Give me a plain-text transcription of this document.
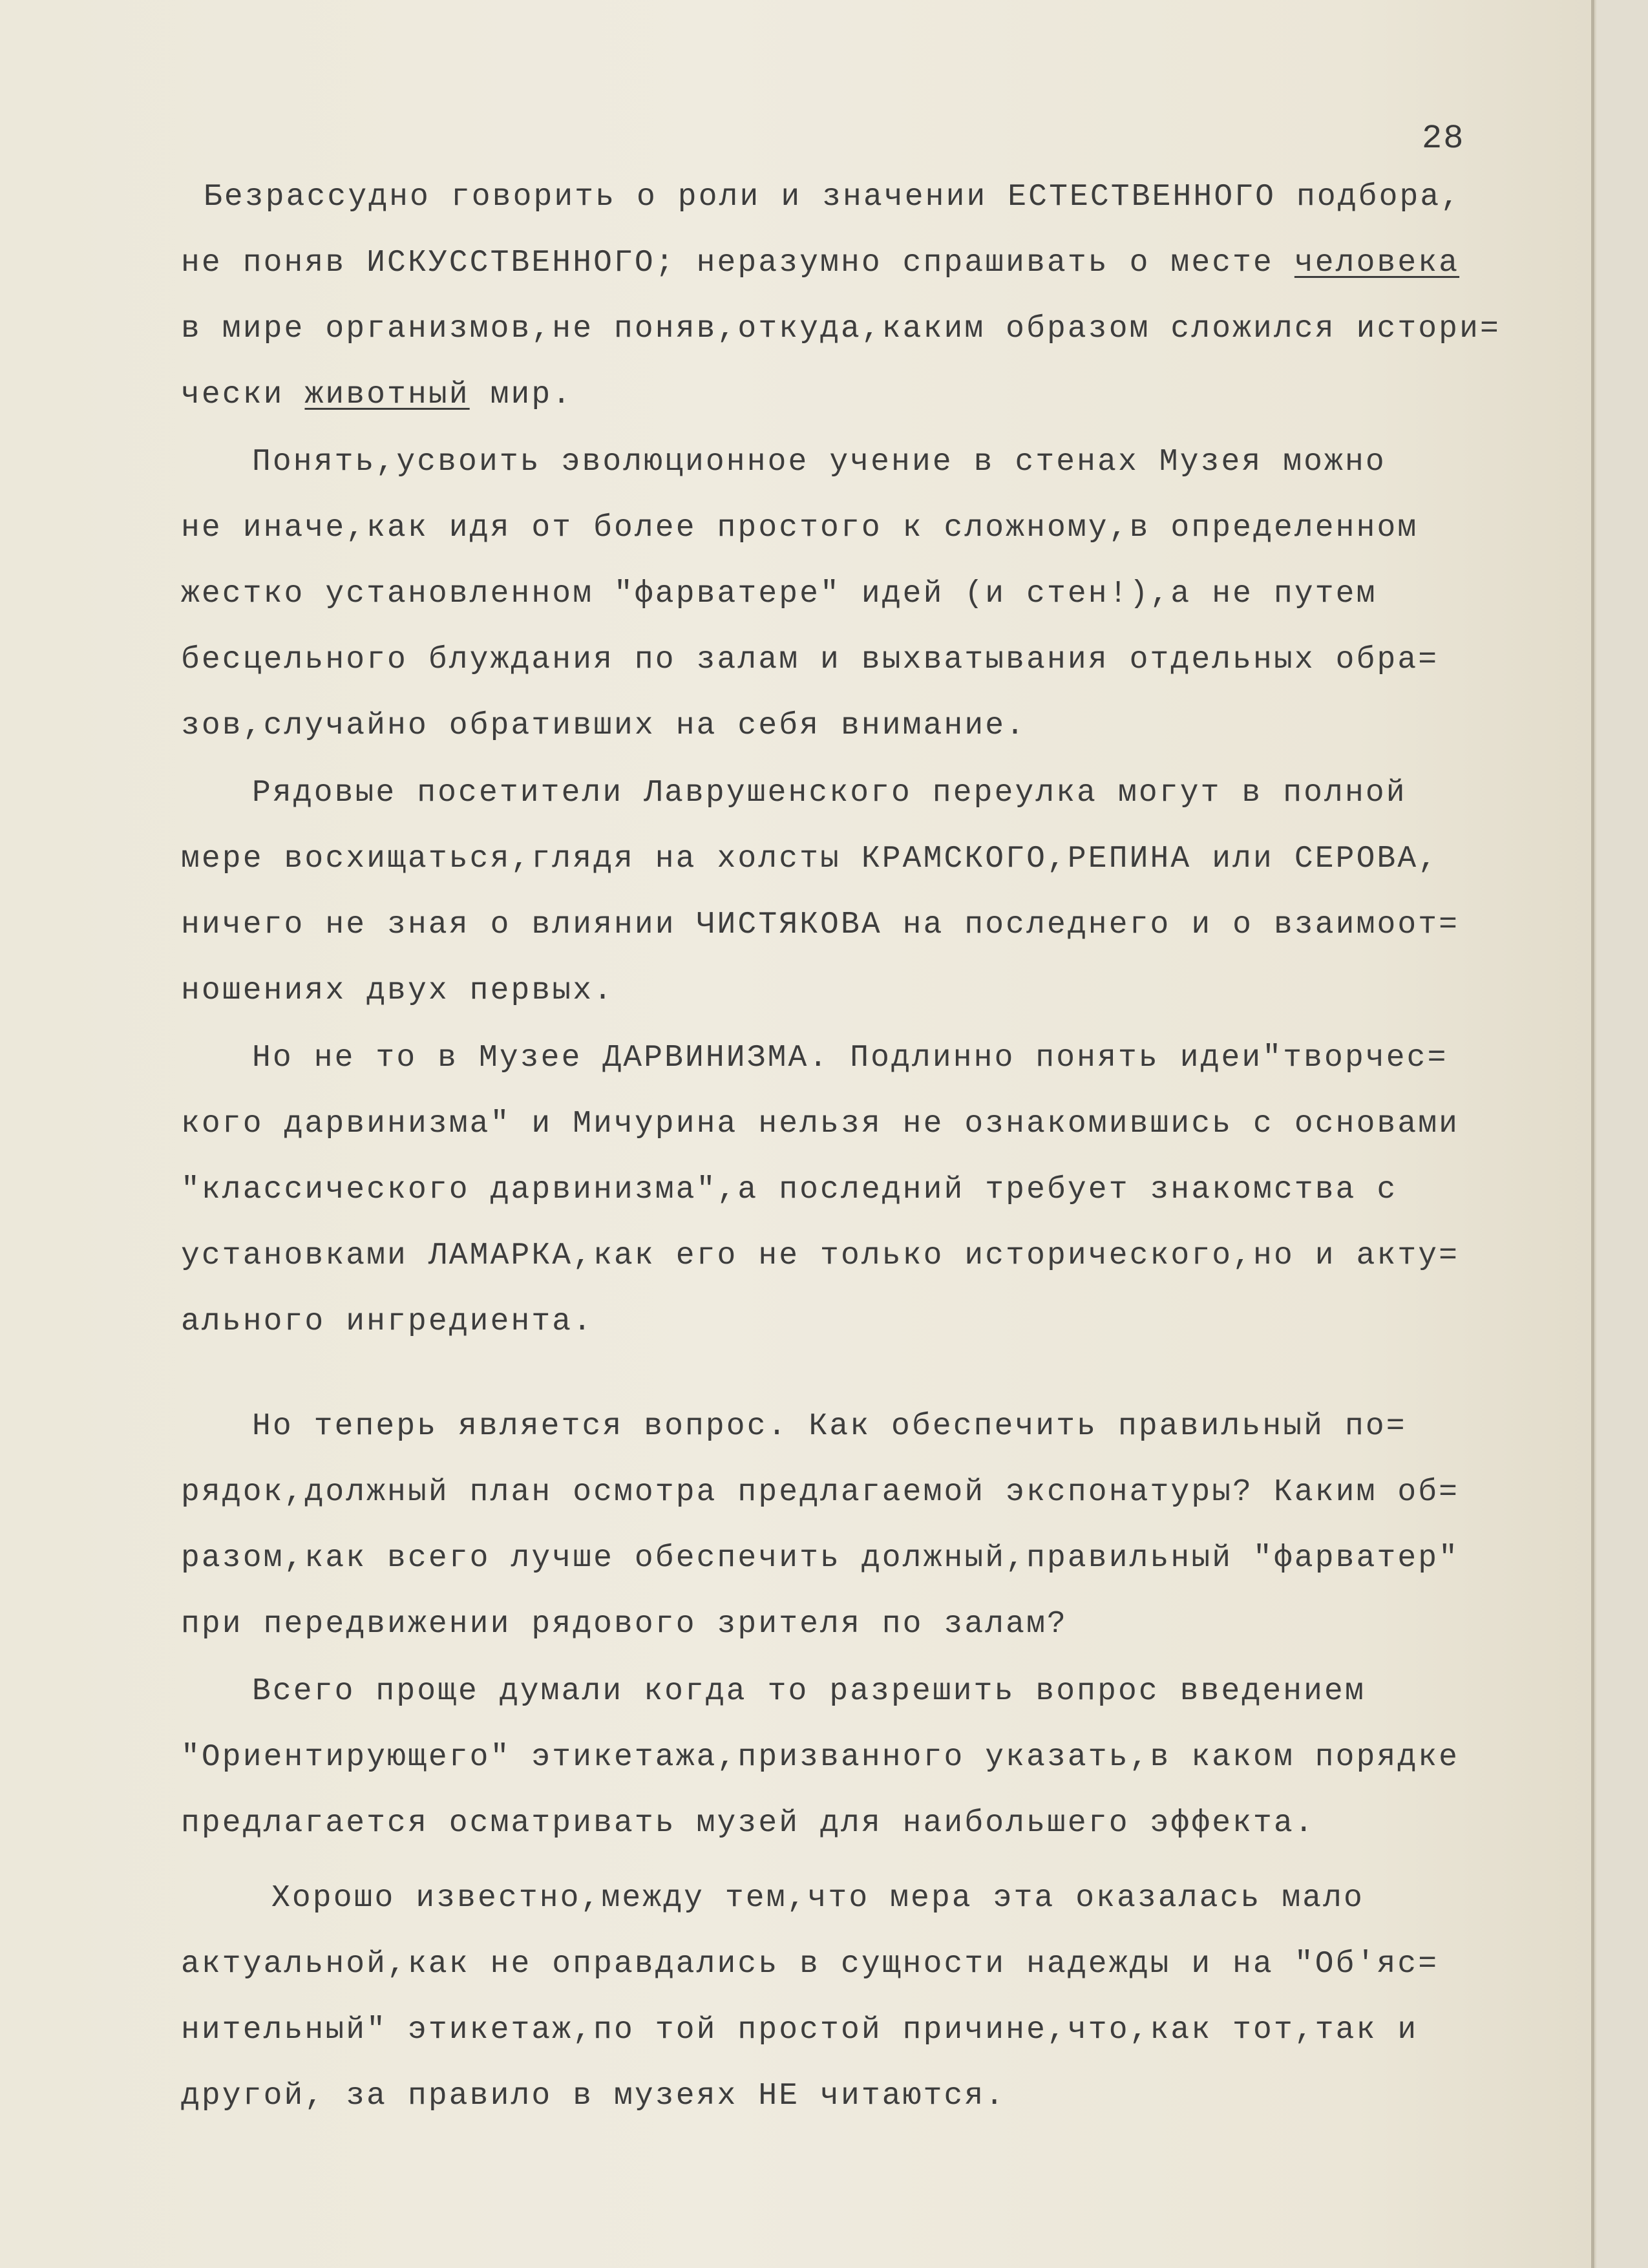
28
Безрассудно говорить о роли и значении ЕСТЕСТВЕННОГО подбора,
не поняв ИСКУССТВЕННОГО; неразумно спрашивать о месте человека
в мире организмов,не поняв,откуда,каким образом сложился истори=
чески животный мир.
Понять,усвоить эволюционное учение в стенах Музея можно
не иначе,как идя от более простого к сложному,в определенном
жестко установленном "фарватере" идей (и стен!),а не путем
бесцельного блуждания по залам и выхватывания отдельных обра=
зов,случайно обративших на себя внимание.
Рядовые посетители Лаврушенского переулка могут в полной
мере восхищаться,глядя на холсты КРАМСКОГО,РЕПИНА или СЕРОВА,
ничего не зная о влиянии ЧИСТЯКОВА на последнего и о взаимоот=
ношениях двух первых.
Но не то в Музее ДАРВИНИЗМА. Подлинно понять идеи"творчес=
кого дарвинизма" и Мичурина нельзя не ознакомившись с основами
"классического дарвинизма",а последний требует знакомства с
установками ЛАМАРКА,как его не только исторического,но и акту=
ального ингредиента.
Но теперь является вопрос. Как обеспечить правильный по=
рядок,должный план осмотра предлагаемой экспонатуры? Каким об=
разом,как всего лучше обеспечить должный,правильный "фарватер"
при передвижении рядового зрителя по залам?
Всего проще думали когда то разрешить вопрос введением
"Ориентирующего" этикетажа,призванного указать,в каком порядке
предлагается осматривать музей для наибольшего эффекта.
Хорошо известно,между тем,что мера эта оказалась мало
актуальной,как не оправдались в сущности надежды и на "Об'яс=
нительный" этикетаж,по той простой причине,что,как тот,так и
другой, за правило в музеях НЕ читаются.
